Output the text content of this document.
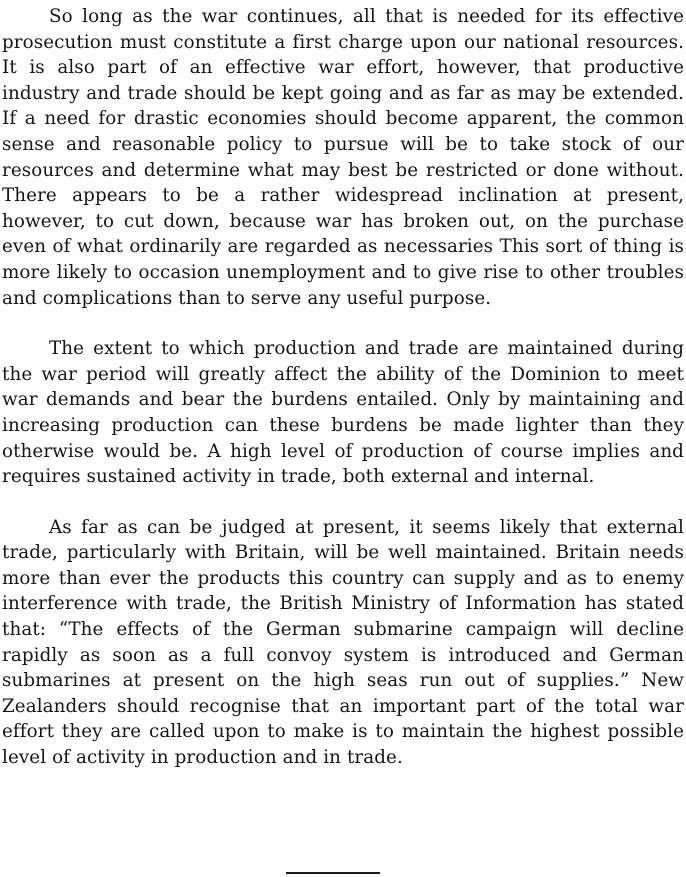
So long as the war continues, all that is needed for its effective prosecution must constitute a first charge upon our national resources. It is also part of an effective war effort, however, that productive industry and trade should be kept going and as far as may be extended. If a need for drastic economies should become apparent, the common sense and reasonable policy to pursue will be to take stock of our resources and determine what may best be restricted or done without. There appears to be a rather widespread inclination at present, however, to cut down, because war has broken out, on the purchase even of what ordinarily are regarded as necessaries This sort of thing is more likely to occasion unemployment and to give rise to other troubles and complications than to serve any useful purpose.

The extent to which production and trade are maintained during the war period will greatly affect the ability of the Dominion to meet war demands and bear the burdens entailed. Only by maintaining and increasing production can these burdens be made lighter than they otherwise would be. A high level of production of course implies and requires sustained activity in trade, both external and internal.

As far as can be judged at present, it seems likely that external trade, particularly with Britain, will be well maintained. Britain needs more than ever the products this country can supply and as to enemy interference with trade, the British Ministry of Information has stated that: “The effects of the German submarine campaign will decline rapidly as soon as a full convoy system is introduced and German submarines at present on the high seas run out of supplies.” New Zealanders should recognise that an important part of the total war effort they are called upon to make is to maintain the highest possible level of activity in production and in trade.
